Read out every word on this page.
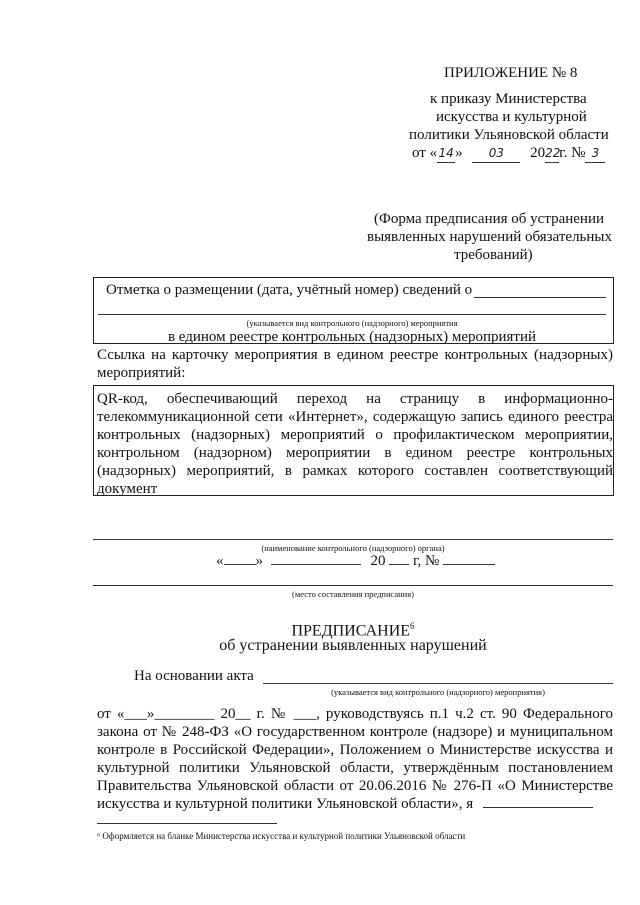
ПРИЛОЖЕНИЕ № 8
к приказу Министерства
искусства и культурной
политики Ульяновской области
от «14» 03 2022г. № 3
(Форма предписания об устранении
выявленных нарушений обязательных
требований)
Отметка о размещении (дата, учётный номер) сведений о
(указывается вид контрольного (надзорного) мероприятия
в едином реестре контрольных (надзорных) мероприятий
Ссылка на карточку мероприятия в едином реестре контрольных (надзорных)
мероприятий:
QR-код, обеспечивающий переход на страницу в информационно-
телекоммуникационной сети «Интернет», содержащую запись единого реестра
контрольных (надзорных) мероприятий о профилактическом мероприятии,
контрольном (надзорном) мероприятии в едином реестре контрольных
(надзорных) мероприятий, в рамках которого составлен соответствующий
документ
(наименование контрольного (надзорного) органа)
« »	20 г, №
(место составления предписания)
ПРЕДПИСАНИЕ$^6$
об устранении выявленных нарушений
На основании акта
(указывается вид контрольного (надзорного) мероприятия)
от «___»________ 20__ г. № ___, руководствуясь п.1 ч.2 ст. 90 Федерального
закона от № 248-ФЗ «О государственном контроле (надзоре) и муниципальном
контроле в Российской Федерации», Положением о Министерстве искусства и
культурной политики Ульяновской области, утверждённым постановлением
Правительства Ульяновской области от 20.06.2016 № 276-П «О Министерстве
искусства и культурной политики Ульяновской области», я
⁶ Оформляется на бланке Министерства искусства и культурной политики Ульяновской области
